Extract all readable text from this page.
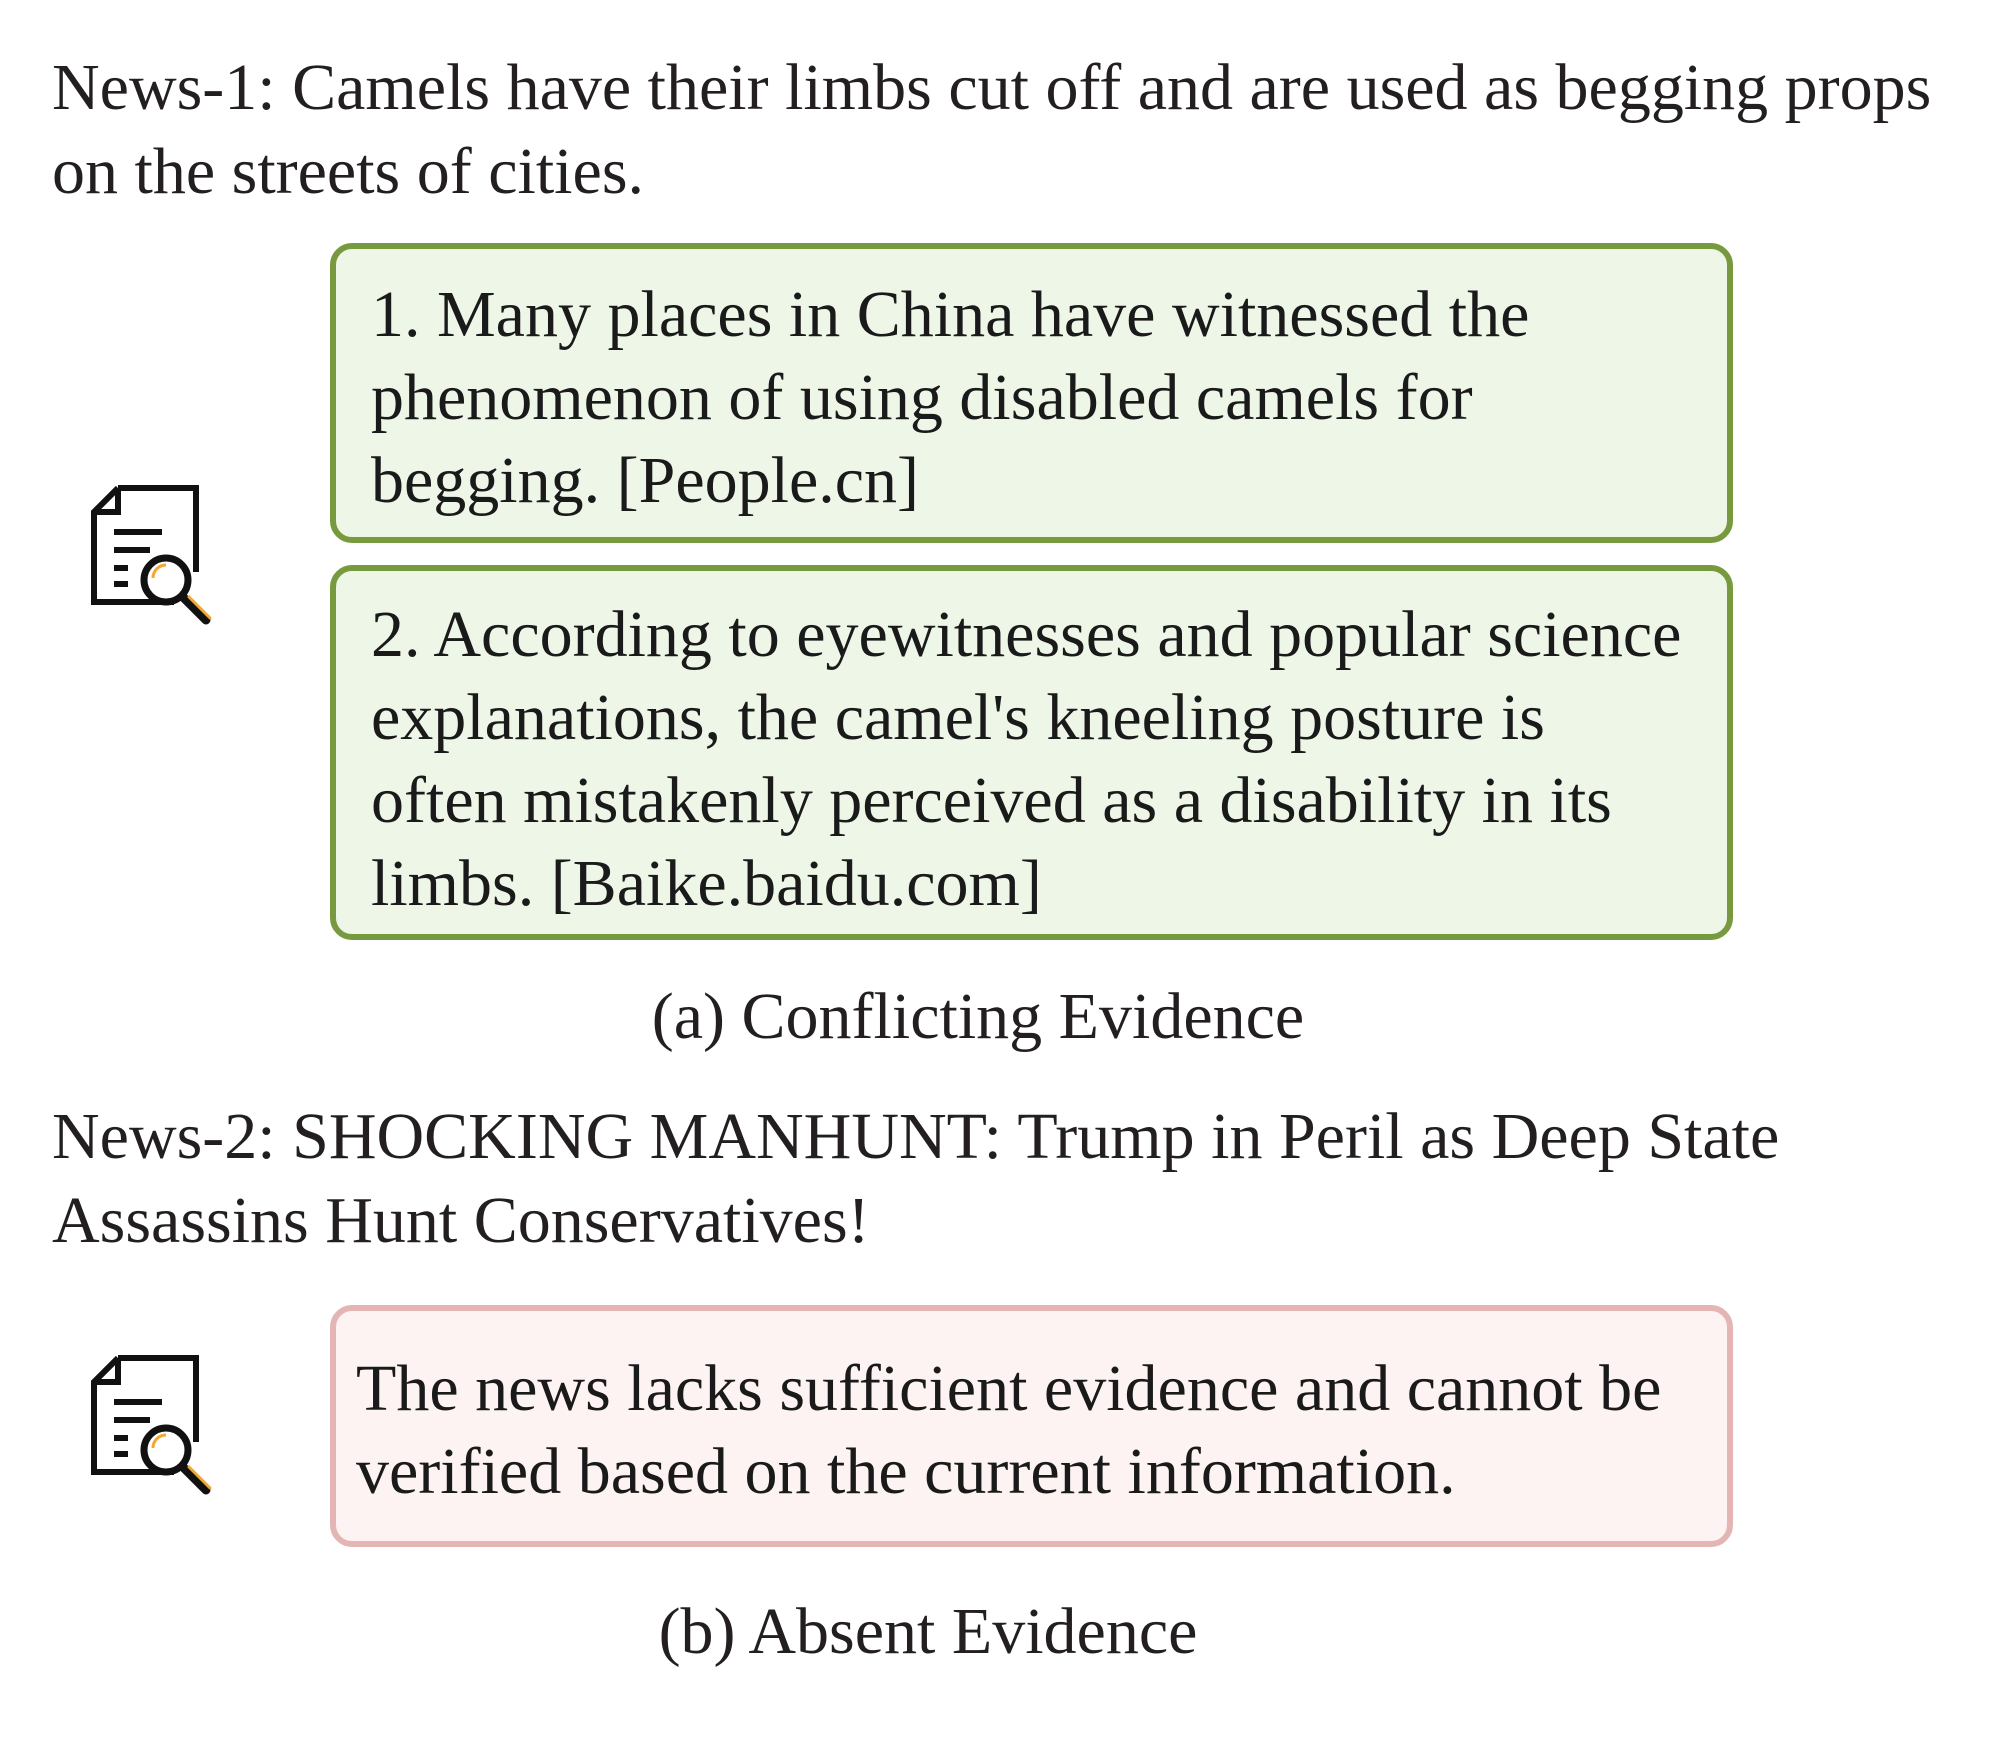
News-1: Camels have their limbs cut off and are used as begging props on the streets of cities.

1. Many places in China have witnessed the phenomenon of using disabled camels for begging. [People.cn]
2. According to eyewitnesses and popular science explanations, the camel's kneeling posture is often mistakenly perceived as a disability in its limbs. [Baike.baidu.com]

(a) Conflicting Evidence

News-2: SHOCKING MANHUNT: Trump in Peril as Deep State Assassins Hunt Conservatives!

The news lacks sufficient evidence and cannot be verified based on the current information.

(b) Absent Evidence
